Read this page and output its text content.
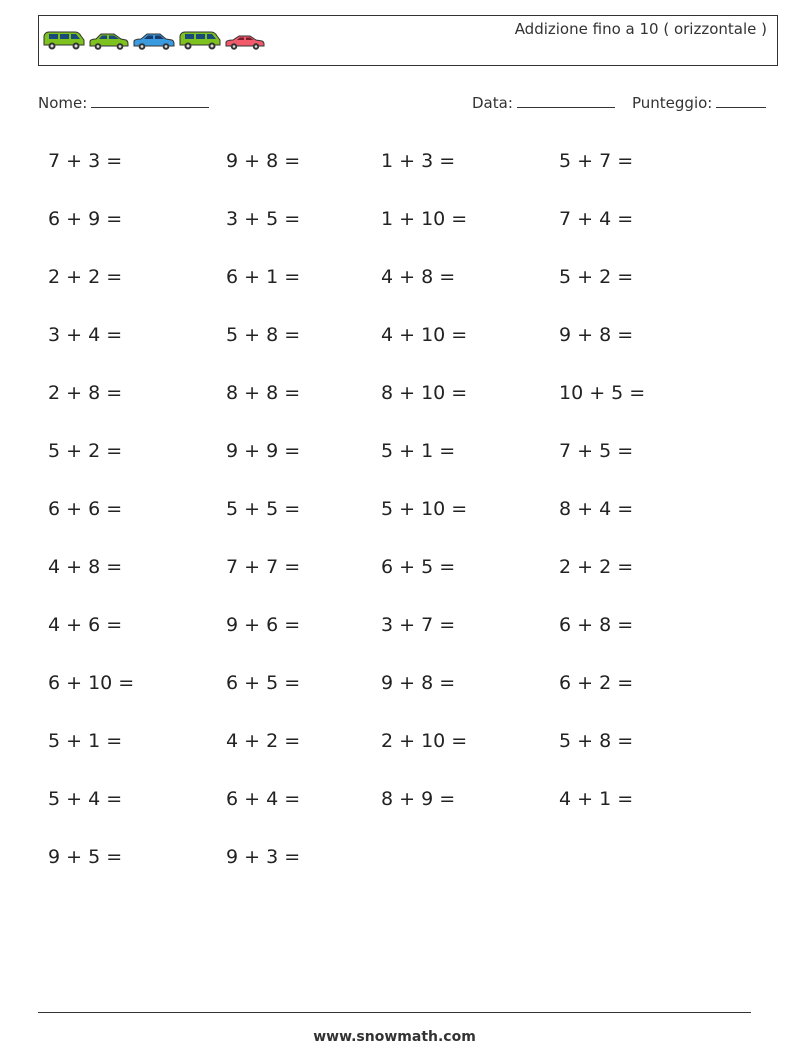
Addizione fino a 10 ( orizzontale )
Nome:	Data:	Punteggio:
7 + 3 =	9 + 8 =	1 + 3 =	5 + 7 =
6 + 9 =	3 + 5 =	1 + 10 =	7 + 4 =
2 + 2 =	6 + 1 =	4 + 8 =	5 + 2 =
3 + 4 =	5 + 8 =	4 + 10 =	9 + 8 =
2 + 8 =	8 + 8 =	8 + 10 =	10 + 5 =
5 + 2 =	9 + 9 =	5 + 1 =	7 + 5 =
6 + 6 =	5 + 5 =	5 + 10 =	8 + 4 =
4 + 8 =	7 + 7 =	6 + 5 =	2 + 2 =
4 + 6 =	9 + 6 =	3 + 7 =	6 + 8 =
6 + 10 =	6 + 5 =	9 + 8 =	6 + 2 =
5 + 1 =	4 + 2 =	2 + 10 =	5 + 8 =
5 + 4 =	6 + 4 =	8 + 9 =	4 + 1 =
9 + 5 =	9 + 3 =
www.snowmath.com
